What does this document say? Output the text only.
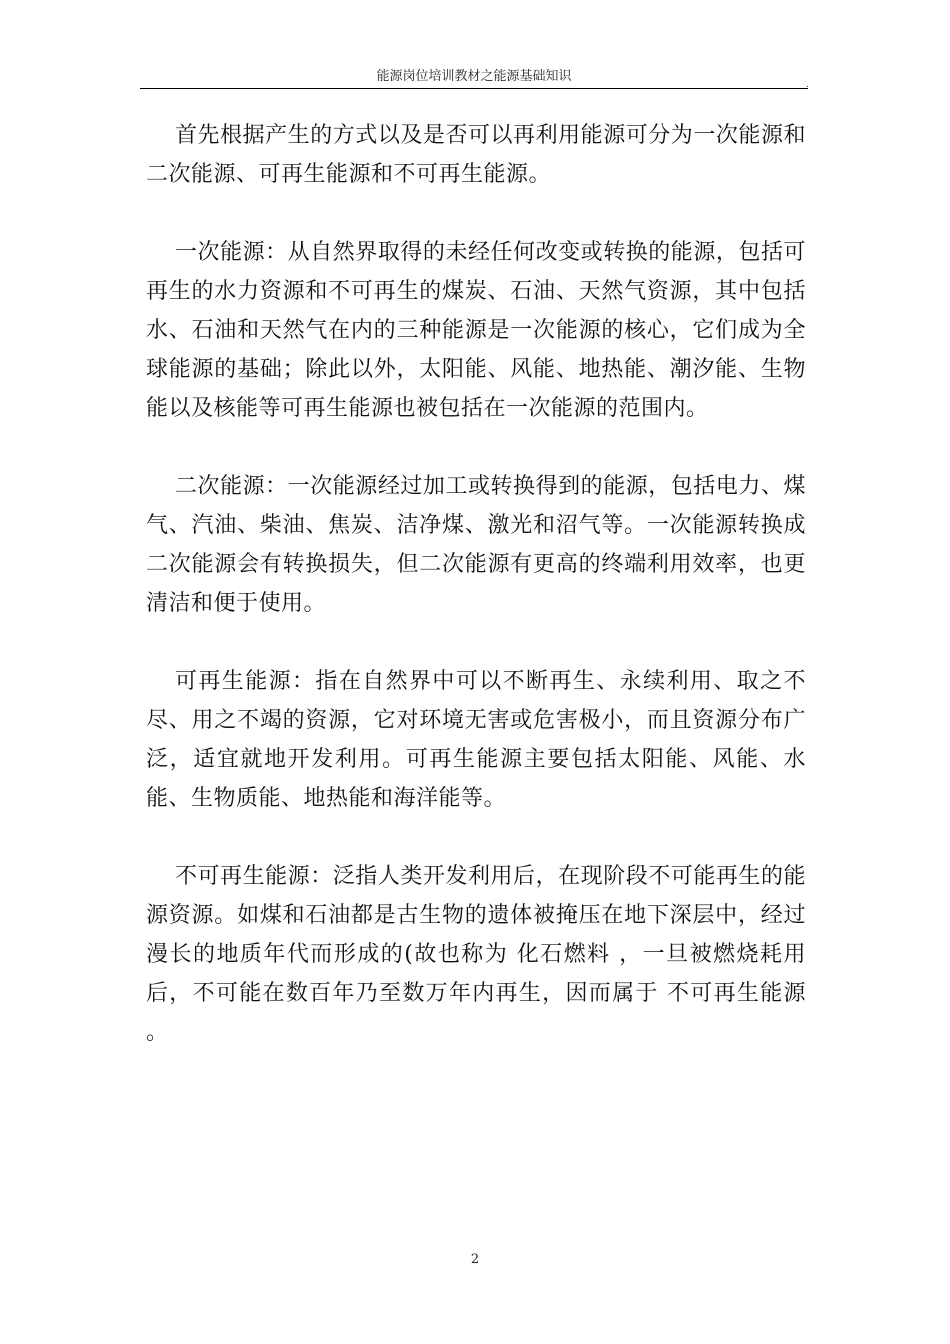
能源岗位培训教材之能源基础知识
.

首先根据产生的方式以及是否可以再利用能源可分为一次能源和二次能源、可再生能源和不可再生能源。

一次能源：从自然界取得的未经任何改变或转换的能源，包括可再生的水力资源和不可再生的煤炭、石油、天然气资源，其中包括水、石油和天然气在内的三种能源是一次能源的核心，它们成为全球能源的基础；除此以外，太阳能、风能、地热能、潮汐能、生物能以及核能等可再生能源也被包括在一次能源的范围内。

二次能源：一次能源经过加工或转换得到的能源，包括电力、煤气、汽油、柴油、焦炭、洁净煤、激光和沼气等。一次能源转换成二次能源会有转换损失，但二次能源有更高的终端利用效率，也更清洁和便于使用。

可再生能源：指在自然界中可以不断再生、永续利用、取之不尽、用之不竭的资源，它对环境无害或危害极小，而且资源分布广泛，适宜就地开发利用。可再生能源主要包括太阳能、风能、水能、生物质能、地热能和海洋能等。

不可再生能源：泛指人类开发利用后，在现阶段不可能再生的能源资源。如煤和石油都是古生物的遗体被掩压在地下深层中，经过漫长的地质年代而形成的(故也称为 化石燃料 ，一旦被燃烧耗用后，不可能在数百年乃至数万年内再生，因而属于 不可再生能源 。

2
